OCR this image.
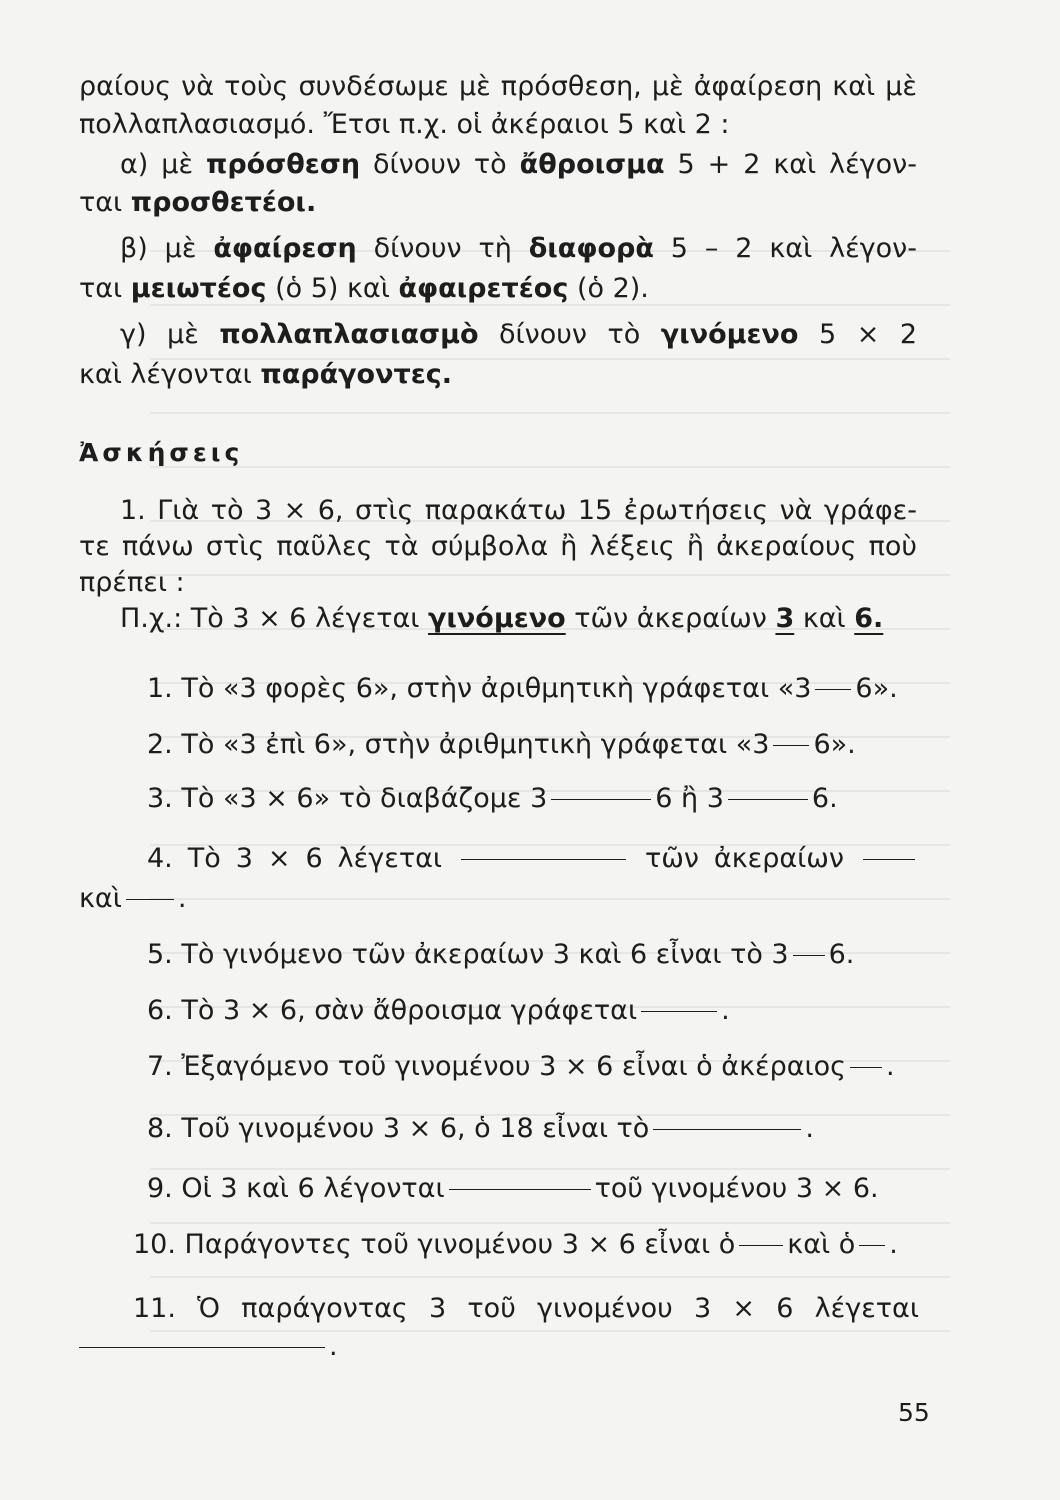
ραίους νὰ τοὺς συνδέσωμε μὲ πρόσθεση, μὲ ἀφαίρεση καὶ μὲ
πολλαπλασιασμό. Ἔτσι π.χ. οἱ ἀκέραιοι 5 καὶ 2 :
α) μὲ πρόσθεση δίνουν τὸ ἄθροισμα 5 + 2 καὶ λέγον-
ται προσθετέοι.
β) μὲ ἀφαίρεση δίνουν τὴ διαφορὰ 5 – 2 καὶ λέγον-
ται μειωτέος (ὁ 5) καὶ ἀφαιρετέος (ὁ 2).
γ) μὲ πολλαπλασιασμὸ δίνουν τὸ γινόμενο 5 × 2
καὶ λέγονται παράγοντες.
Ἀσκήσεις
1. Γιὰ τὸ 3 × 6, στὶς παρακάτω 15 ἐρωτήσεις νὰ γράφε-
τε πάνω στὶς παῦλες τὰ σύμβολα ἢ λέξεις ἢ ἀκεραίους ποὺ
πρέπει :
Π.χ.: Τὸ 3 × 6 λέγεται γινόμενο τῶν ἀκεραίων 3 καὶ 6.
1. Τὸ «3 φορὲς 6», στὴν ἀριθμητικὴ γράφεται «3 6».
2. Τὸ «3 ἐπὶ 6», στὴν ἀριθμητικὴ γράφεται «3 6».
3. Τὸ «3 × 6» τὸ διαβάζομε 3	6 ἢ 3	6.
4. Τὸ 3 × 6 λέγεται	τῶν ἀκεραίων
καὶ .
5. Τὸ γινόμενο τῶν ἀκεραίων 3 καὶ 6 εἶναι τὸ 3 6.
6. Τὸ 3 × 6, σὰν ἄθροισμα γράφεται	.
7. Ἐξαγόμενο τοῦ γινομένου 3 × 6 εἶναι ὁ ἀκέραιος .
8. Τοῦ γινομένου 3 × 6, ὁ 18 εἶναι τὸ	.
9. Οἱ 3 καὶ 6 λέγονται	τοῦ γινομένου 3 × 6.
10. Παράγοντες τοῦ γινομένου 3 × 6 εἶναι ὁ καὶ ὁ .
11. Ὁ παράγοντας 3 τοῦ γινομένου 3 × 6 λέγεται
.
55
